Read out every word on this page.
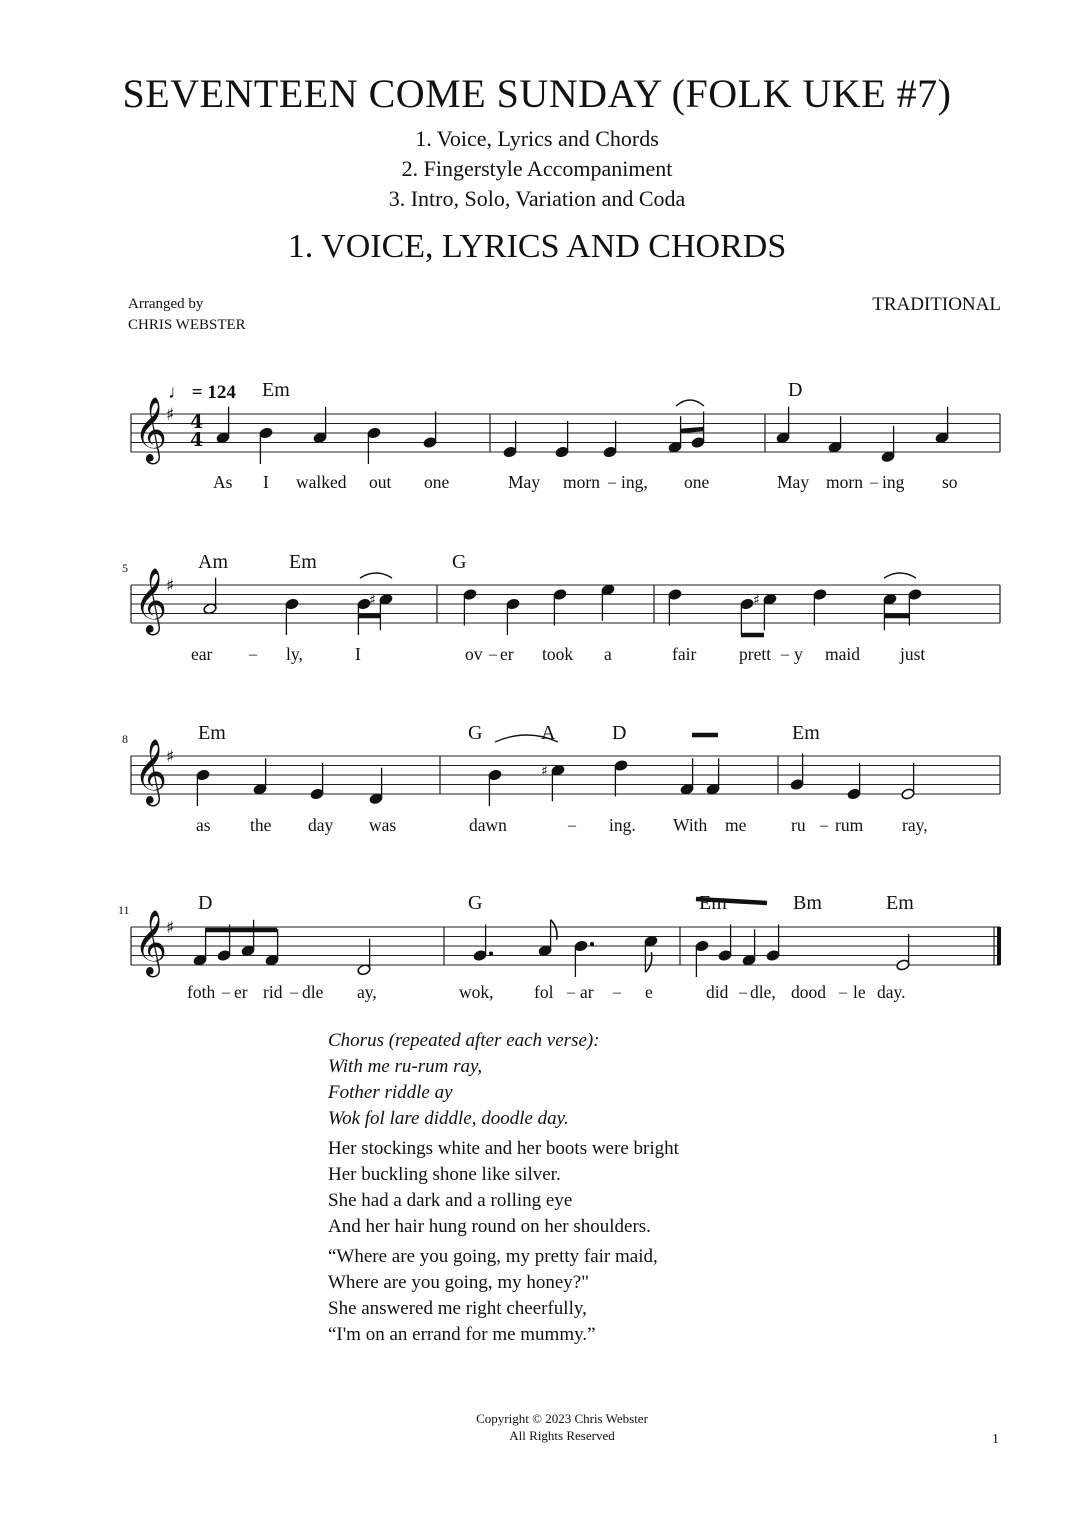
SEVENTEEN COME SUNDAY (FOLK UKE #7)
1. Voice, Lyrics and Chords
2. Fingerstyle Accompaniment
3. Intro, Solo, Variation and Coda
1. VOICE, LYRICS AND CHORDS
Arranged by
CHRIS WEBSTER
TRADITIONAL
𝄞
♯
𝄞
♯
𝄞
♯
𝄞
♯
♯	♯
♯
♩ = 124
4
4
5
8
11
Em	D
Am	Em	G
Em	G	A	D	Em
D	G	Em	Bm	Em
As I walked out one	May morn – ing, one	May morn – ing so
ear – ly,	I	ov – er took a	fair prett – y maid just
as the day was	dawn	– ing. With me	ru – rum ray,
foth – er rid – dle ay,	wok, fol – ar – e	did – dle, dood – le day.
Chorus (repeated after each verse):
With me ru-rum ray,
Fother riddle ay
Wok fol lare diddle, doodle day.
Her stockings white and her boots were bright
Her buckling shone like silver.
She had a dark and a rolling eye
And her hair hung round on her shoulders.
“Where are you going, my pretty fair maid,
Where are you going, my honey?"
She answered me right cheerfully,
“I'm on an errand for me mummy.”
Copyright © 2023 Chris Webster
All Rights Reserved	1
